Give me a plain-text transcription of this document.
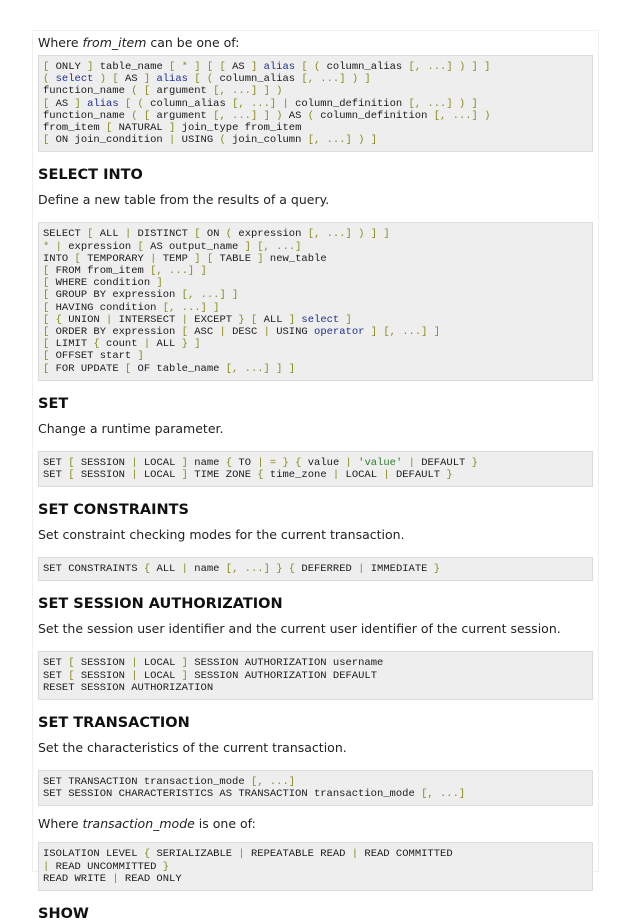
Where from_item can be one of:

[ ONLY ] table_name [ * ] [ [ AS ] alias [ ( column_alias [, ...] ) ] ]
( select ) [ AS ] alias [ ( column_alias [, ...] ) ]
function_name ( [ argument [, ...] ] )
[ AS ] alias [ ( column_alias [, ...] | column_definition [, ...] ) ]
function_name ( [ argument [, ...] ] ) AS ( column_definition [, ...] )
from_item [ NATURAL ] join_type from_item
[ ON join_condition | USING ( join_column [, ...] ) ]
SELECT INTO

Define a new table from the results of a query.

SELECT [ ALL | DISTINCT [ ON ( expression [, ...] ) ] ]
* | expression [ AS output_name ] [, ...]
INTO [ TEMPORARY | TEMP ] [ TABLE ] new_table
[ FROM from_item [, ...] ]
[ WHERE condition ]
[ GROUP BY expression [, ...] ]
[ HAVING condition [, ...] ]
[ { UNION | INTERSECT | EXCEPT } [ ALL ] select ]
[ ORDER BY expression [ ASC | DESC | USING operator ] [, ...] ]
[ LIMIT { count | ALL } ]
[ OFFSET start ]
[ FOR UPDATE [ OF table_name [, ...] ] ]
SET

Change a runtime parameter.

SET [ SESSION | LOCAL ] name { TO | = } { value | 'value' | DEFAULT }
SET [ SESSION | LOCAL ] TIME ZONE { time_zone | LOCAL | DEFAULT }
SET CONSTRAINTS

Set constraint checking modes for the current transaction.

SET CONSTRAINTS { ALL | name [, ...] } { DEFERRED | IMMEDIATE }
SET SESSION AUTHORIZATION

Set the session user identifier and the current user identifier of the current session.

SET [ SESSION | LOCAL ] SESSION AUTHORIZATION username
SET [ SESSION | LOCAL ] SESSION AUTHORIZATION DEFAULT
RESET SESSION AUTHORIZATION
SET TRANSACTION

Set the characteristics of the current transaction.

SET TRANSACTION transaction_mode [, ...]
SET SESSION CHARACTERISTICS AS TRANSACTION transaction_mode [, ...]

Where transaction_mode is one of:

ISOLATION LEVEL { SERIALIZABLE | REPEATABLE READ | READ COMMITTED
| READ UNCOMMITTED }
READ WRITE | READ ONLY
SHOW
